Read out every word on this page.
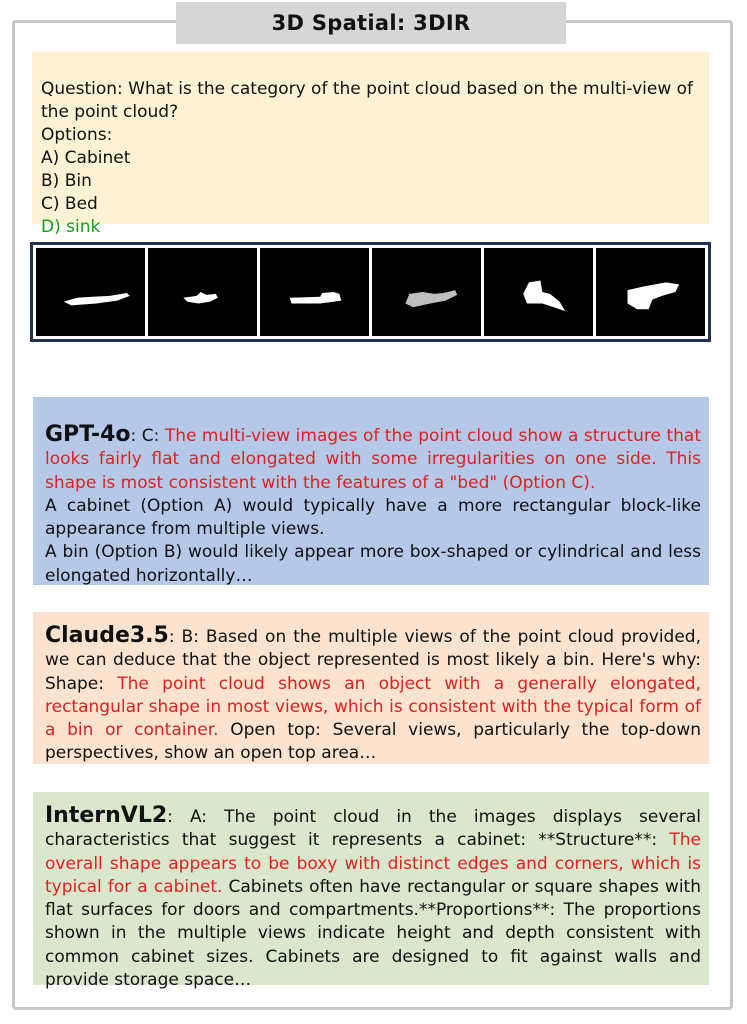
3D Spatial: 3DIR
Question: What is the category of the point cloud based on the multi-view of the point cloud?
Options:
A) Cabinet
B) Bin
C) Bed
D) sink
GPT-4o: C: The multi-view images of the point cloud show a structure that looks fairly flat and elongated with some irregularities on one side. This shape is most consistent with the features of a "bed" (Option C).
A cabinet (Option A) would typically have a more rectangular block-like appearance from multiple views.
A bin (Option B) would likely appear more box-shaped or cylindrical and less elongated horizontally…
Claude3.5: B: Based on the multiple views of the point cloud provided, we can deduce that the object represented is most likely a bin. Here's why: Shape: The point cloud shows an object with a generally elongated, rectangular shape in most views, which is consistent with the typical form of a bin or container. Open top: Several views, particularly the top-down perspectives, show an open top area…
InternVL2: A: The point cloud in the images displays several characteristics that suggest it represents a cabinet: **Structure**: The overall shape appears to be boxy with distinct edges and corners, which is typical for a cabinet. Cabinets often have rectangular or square shapes with flat surfaces for doors and compartments.**Proportions**: The proportions shown in the multiple views indicate height and depth consistent with common cabinet sizes. Cabinets are designed to fit against walls and provide storage space…
